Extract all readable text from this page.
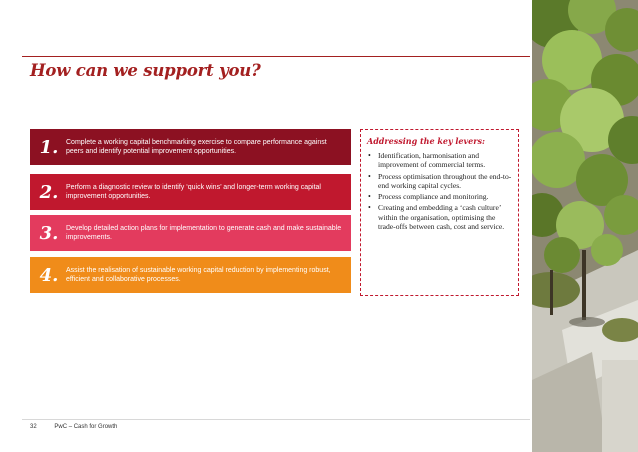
How can we support you?
1.	Complete a working capital benchmarking exercise to compare performance against peers and identify potential improvement opportunities.
2.	Perform a diagnostic review to identify ‘quick wins’ and longer-term working capital improvement opportunities.
3.	Develop detailed action plans for implementation to generate cash and make sustainable improvements.
4.	Assist the realisation of sustainable working capital reduction by implementing robust, efficient and collaborative processes.
Addressing the key levers:
• Identification, harmonisation and improvement of commercial terms.
• Process optimisation throughout the end-to-end working capital cycles.
• Process compliance and monitoring.
• Creating and embedding a ‘cash culture’ within the organisation, optimising the trade-offs between cash, cost and service.
32	PwC – Cash for Growth
